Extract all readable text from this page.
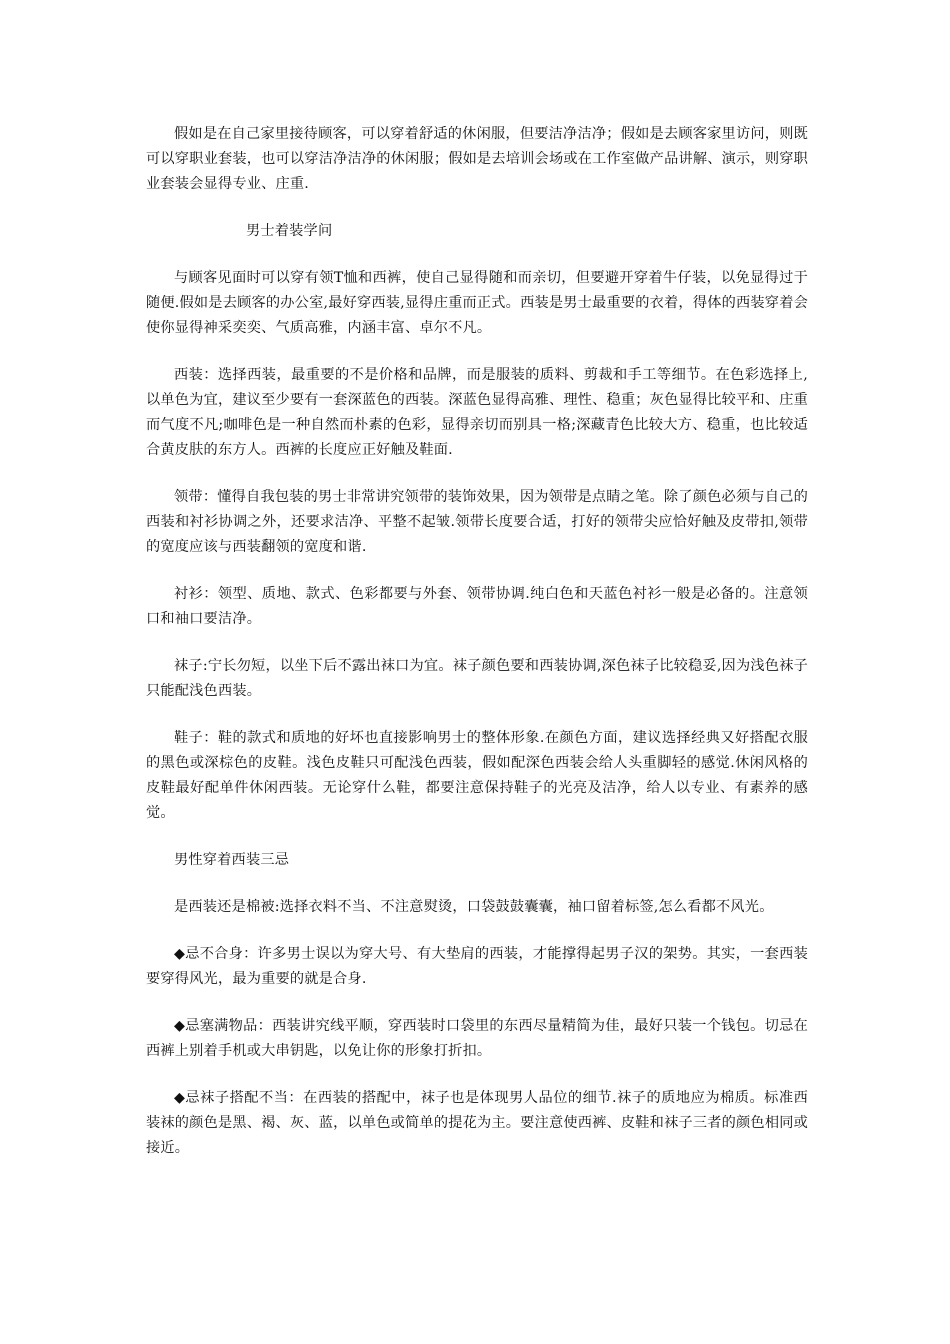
假如是在自己家里接待顾客，可以穿着舒适的休闲服，但要洁净洁净；假如是去顾客家里访问，则既可以穿职业套装，也可以穿洁净洁净的休闲服；假如是去培训会场或在工作室做产品讲解、演示，则穿职业套装会显得专业、庄重.

男士着装学问

与顾客见面时可以穿有领T恤和西裤，使自己显得随和而亲切，但要避开穿着牛仔装，以免显得过于随便.假如是去顾客的办公室,最好穿西装,显得庄重而正式。西装是男士最重要的衣着，得体的西装穿着会使你显得神采奕奕、气质高雅，内涵丰富、卓尔不凡。

西装：选择西装，最重要的不是价格和品牌，而是服装的质料、剪裁和手工等细节。在色彩选择上,以单色为宜，建议至少要有一套深蓝色的西装。深蓝色显得高雅、理性、稳重；灰色显得比较平和、庄重而气度不凡;咖啡色是一种自然而朴素的色彩，显得亲切而别具一格;深藏青色比较大方、稳重，也比较适合黄皮肤的东方人。西裤的长度应正好触及鞋面.

领带：懂得自我包装的男士非常讲究领带的装饰效果，因为领带是点睛之笔。除了颜色必须与自己的西装和衬衫协调之外，还要求洁净、平整不起皱.领带长度要合适，打好的领带尖应恰好触及皮带扣,领带的宽度应该与西装翻领的宽度和谐.

衬衫：领型、质地、款式、色彩都要与外套、领带协调.纯白色和天蓝色衬衫一般是必备的。注意领口和袖口要洁净。

袜子:宁长勿短，以坐下后不露出袜口为宜。袜子颜色要和西装协调,深色袜子比较稳妥,因为浅色袜子只能配浅色西装。

鞋子：鞋的款式和质地的好坏也直接影响男士的整体形象.在颜色方面，建议选择经典又好搭配衣服的黑色或深棕色的皮鞋。浅色皮鞋只可配浅色西装，假如配深色西装会给人头重脚轻的感觉.休闲风格的皮鞋最好配单件休闲西装。无论穿什么鞋，都要注意保持鞋子的光亮及洁净，给人以专业、有素养的感觉。

男性穿着西装三忌

是西装还是棉被:选择衣料不当、不注意熨烫，口袋鼓鼓囊囊，袖口留着标签,怎么看都不风光。

◆忌不合身：许多男士误以为穿大号、有大垫肩的西装，才能撑得起男子汉的架势。其实，一套西装要穿得风光，最为重要的就是合身.

◆忌塞满物品：西装讲究线平顺，穿西装时口袋里的东西尽量精简为佳，最好只装一个钱包。切忌在西裤上别着手机或大串钥匙，以免让你的形象打折扣。

◆忌袜子搭配不当：在西装的搭配中，袜子也是体现男人品位的细节.袜子的质地应为棉质。标准西装袜的颜色是黑、褐、灰、蓝，以单色或简单的提花为主。要注意使西裤、皮鞋和袜子三者的颜色相同或接近。
